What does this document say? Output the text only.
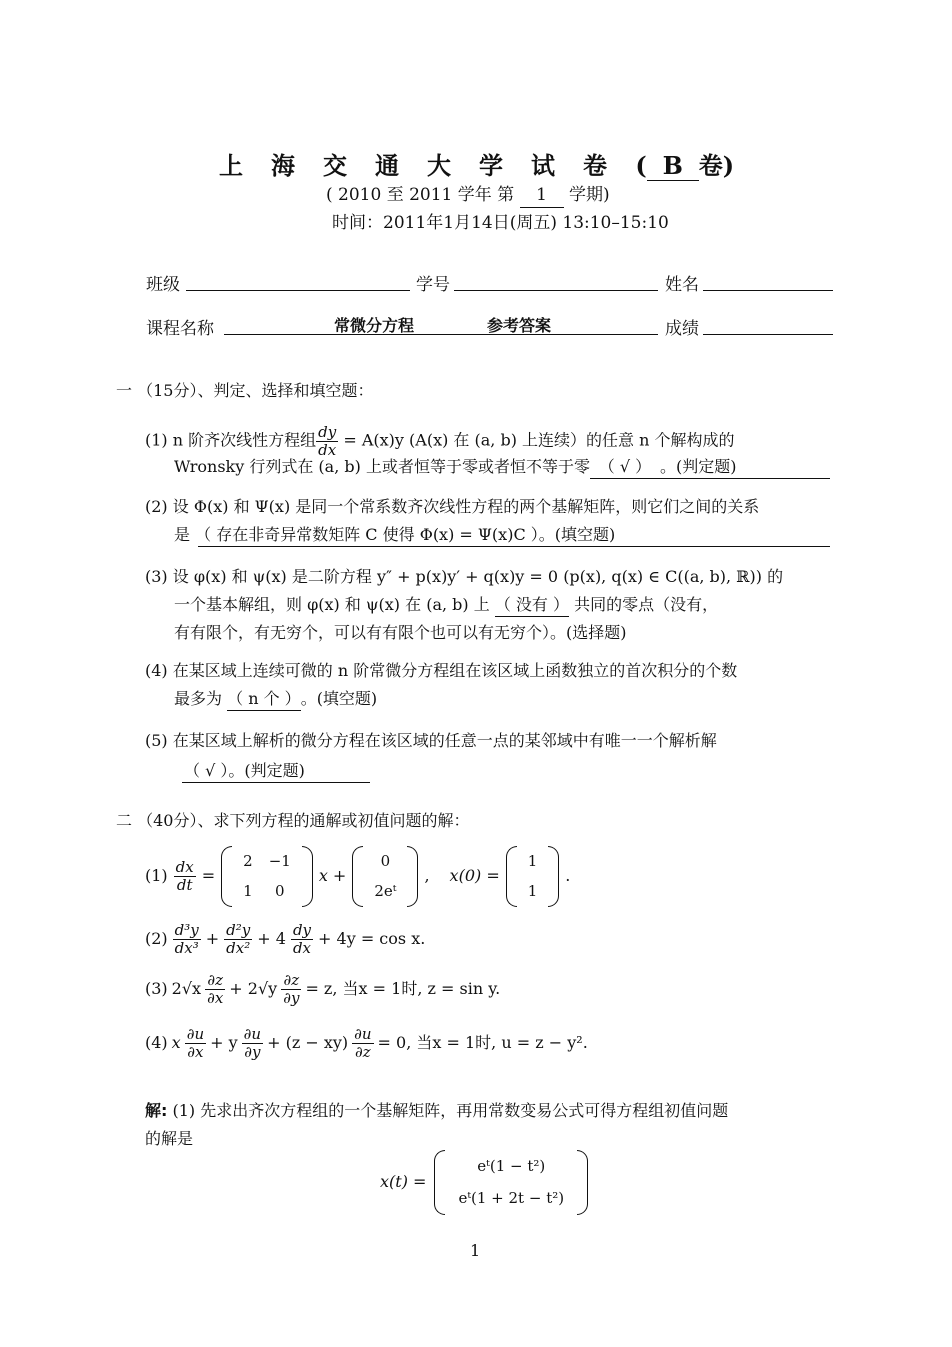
上 海 交 通 大 学 试 卷 ( B 卷)
( 2010 至 2011 学年 第 1 学期)
时间：2011年1月14日(周五) 13:10–15:10
班级	学号	姓名
课程名称	常微分方程	参考答案	成绩
一 （15分）、判定、选择和填空题：
(1) n 阶齐次线性方程组 $\frac{dy}{dx} = A(x)y$ (A(x) 在 (a, b) 上连续）的任意 n 个解构成的
Wronsky 行列式在 (a, b) 上或者恒等于零或者恒不等于零 （ √ ） 。(判定题)
(2) 设 Φ(x) 和 Ψ(x) 是同一个常系数齐次线性方程的两个基解矩阵，则它们之间的关系
是 （ 存在非奇异常数矩阵 C 使得 Φ(x) = Ψ(x)C ）。(填空题)
(3) 设 φ(x) 和 ψ(x) 是二阶方程 y″ + p(x)y′ + q(x)y = 0 (p(x), q(x) ∈ C((a, b), ℝ)) 的
一个基本解组，则 φ(x) 和 ψ(x) 在 (a, b) 上 （ 没有 ） 共同的零点（没有，
有有限个，有无穷个，可以有有限个也可以有无穷个）。(选择题)
(4) 在某区域上连续可微的 n 阶常微分方程组在该区域上函数独立的首次积分的个数
最多为 （ n 个 ）。(填空题)
(5) 在某区域上解析的微分方程在该区域的任意一点的某邻域中有唯一一个解析解
（ √ ）。(判定题)
二 （40分）、求下列方程的通解或初值问题的解：
$(1) \frac{dx}{dt}$ =
2	−1
1	0
x +
0
2eᵗ
, x(0) =
1
1
.
$(2) \frac{\text{d³y}}{\text{dx³}} + \frac{\text{d²y}}{\text{dx²}} + 4 \frac{dy}{dx} + 4y = \cos x$.
(3) $2√x \frac{\partial z}{\partial x} + 2√y \frac{\partial z}{\partial y} = z$, 当x = 1时, z = sin y.
(4) x $\frac{\partial u}{\partial x} + y \frac{\partial u}{\partial y} + (z - xy) \frac{\partial u}{\partial z} = 0$, 当x = 1时, u = z − y².
解: (1) 先求出齐次方程组的一个基解矩阵，再用常数变易公式可得方程组初值问题
的解是
x(t) =
eᵗ(1 − t²)
eᵗ(1 + 2t − t²)
1
